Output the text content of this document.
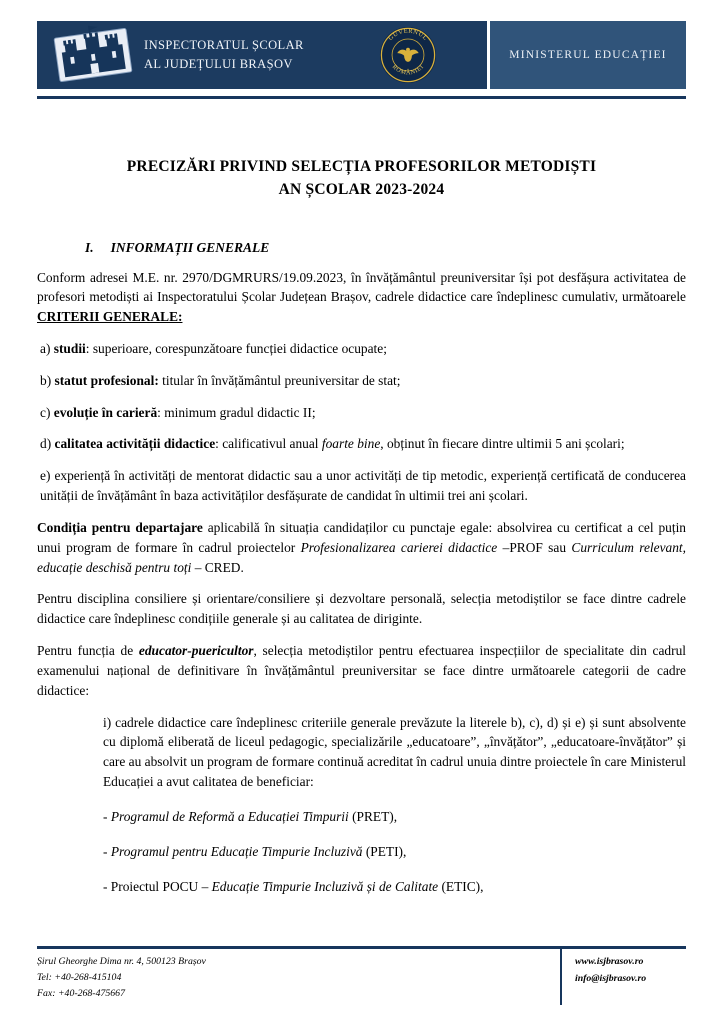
INSPECTORATUL ȘCOLAR
AL JUDEȚULUI BRAȘOV
GUVERNUL
ROMÂNIEI
MINISTERUL EDUCAȚIEI
PRECIZĂRI PRIVIND SELECȚIA PROFESORILOR METODIȘTI
AN ȘCOLAR 2023-2024
I. INFORMAȚII GENERALE

Conform adresei M.E. nr. 2970/DGMRURS/19.09.2023, în învățământul preuniversitar își pot desfășura activitatea de profesori metodiști ai Inspectoratului Școlar Județean Brașov, cadrele didactice care îndeplinesc cumulativ, următoarele CRITERII GENERALE:

a) studii: superioare, corespunzătoare funcției didactice ocupate;

b) statut profesional: titular în învățământul preuniversitar de stat;

c) evoluție în carieră: minimum gradul didactic II;

d) calitatea activității didactice: calificativul anual foarte bine, obținut în fiecare dintre ultimii 5 ani școlari;

e) experiență în activități de mentorat didactic sau a unor activități de tip metodic, experiență certificată de conducerea unității de învățământ în baza activităților desfășurate de candidat în ultimii trei ani școlari.

Condiția pentru departajare aplicabilă în situația candidaților cu punctaje egale: absolvirea cu certificat a cel puțin unui program de formare în cadrul proiectelor Profesionalizarea carierei didactice –PROF sau Curriculum relevant, educație deschisă pentru toți – CRED.

Pentru disciplina consiliere și orientare/consiliere și dezvoltare personală, selecția metodiștilor se face dintre cadrele didactice care îndeplinesc condițiile generale și au calitatea de diriginte.

Pentru funcția de educator-puericultor, selecția metodiștilor pentru efectuarea inspecțiilor de specialitate din cadrul examenului național de definitivare în învățământul preuniversitar se face dintre următoarele categorii de cadre didactice:

i) cadrele didactice care îndeplinesc criteriile generale prevăzute la literele b), c), d) și e) și sunt absolvente cu diplomă eliberată de liceul pedagogic, specializările „educatoare”, „învățător”, „educatoare-învățător” și care au absolvit un program de formare continuă acreditat în cadrul unuia dintre proiectele în care Ministerul Educației a avut calitatea de beneficiar:

- Programul de Reformă a Educației Timpurii (PRET),

- Programul pentru Educație Timpurie Incluzivă (PETI),

- Proiectul POCU – Educație Timpurie Incluzivă și de Calitate (ETIC),

Șirul Gheorghe Dima nr. 4, 500123 Brașov
Tel: +40-268-415104
Fax: +40-268-475667
www.isjbrasov.ro
info@isjbrasov.ro
